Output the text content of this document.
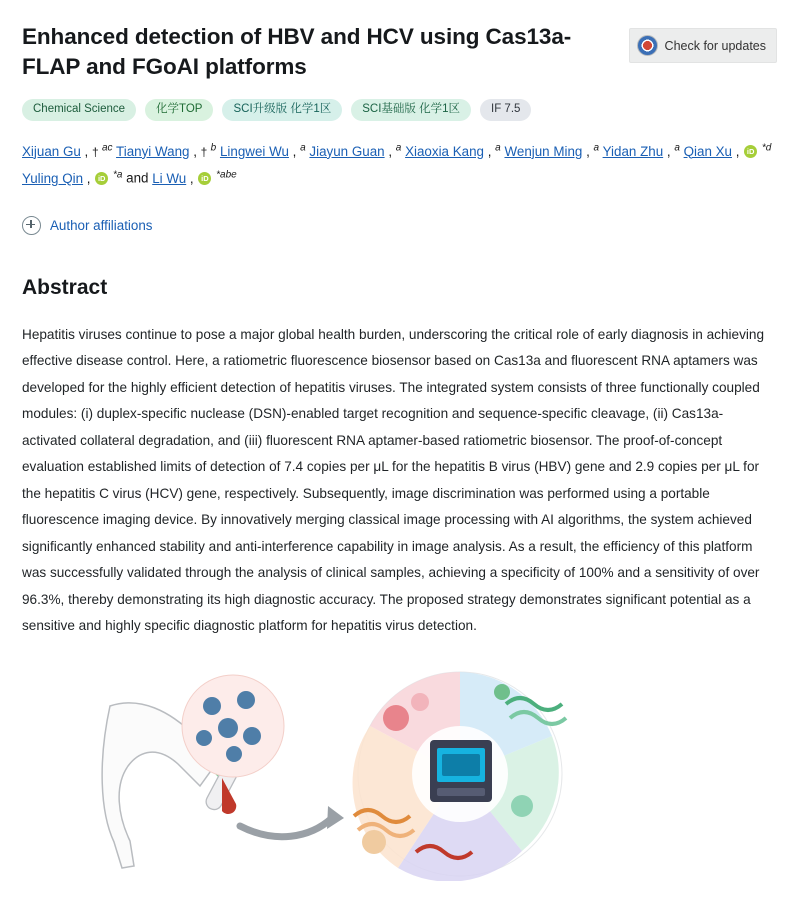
Enhanced detection of HBV and HCV using Cas13a-FLAP and FGoAI platforms
Check for updates
Chemical Science	化学TOP	SCI升级版 化学1区	SCI基础版 化学1区	IF 7.5
Xijuan Gu , † $^{ac}$ Tianyi Wang , † $^b$ Lingwei Wu , $^a$ Jiayun Guan , $^a$ Xiaoxia Kang , $^a$ Wenjun Ming , $^a$ Yidan Zhu , $^a$ Qian Xu , iD $^{*d}$ Yuling Qin , iD $^{*a}$ and Li Wu , iD $^{*abe}$
Author affiliations
Abstract
Hepatitis viruses continue to pose a major global health burden, underscoring the critical role of early diagnosis in achieving effective disease control. Here, a ratiometric fluorescence biosensor based on Cas13a and fluorescent RNA aptamers was developed for the highly efficient detection of hepatitis viruses. The integrated system consists of three functionally coupled modules: (i) duplex-specific nuclease (DSN)-enabled target recognition and sequence-specific cleavage, (ii) Cas13a-activated collateral degradation, and (iii) fluorescent RNA aptamer-based ratiometric biosensor. The proof-of-concept evaluation established limits of detection of 7.4 copies per μL for the hepatitis B virus (HBV) gene and 2.9 copies per μL for the hepatitis C virus (HCV) gene, respectively. Subsequently, image discrimination was performed using a portable fluorescence imaging device. By innovatively merging classical image processing with AI algorithms, the system achieved significantly enhanced stability and anti-interference capability in image analysis. As a result, the efficiency of this platform was successfully validated through the analysis of clinical samples, achieving a specificity of 100% and a sensitivity of over 96.3%, thereby demonstrating its high diagnostic accuracy. The proposed strategy demonstrates significant potential as a sensitive and highly specific diagnostic platform for hepatitis virus detection.
